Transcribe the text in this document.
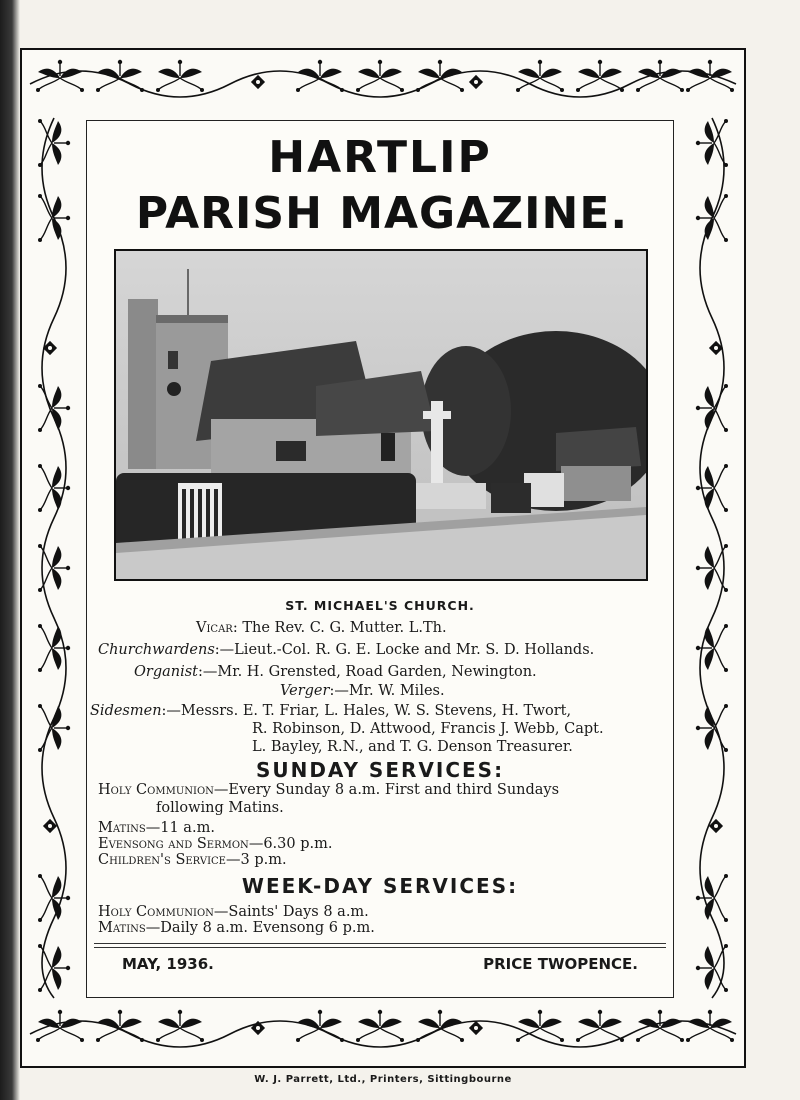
HARTLIP
PARISH MAGAZINE.

ST. MICHAEL'S CHURCH.

Vicar: The Rev. C. G. Mutter. L.Th.

Churchwardens:—Lieut.-Col. R. G. E. Locke and Mr. S. D. Hollands.

Organist:—Mr. H. Grensted, Road Garden, Newington.

Verger:—Mr. W. Miles.

Sidesmen:—Messrs. E. T. Friar, L. Hales, W. S. Stevens, H. Twort,

R. Robinson, D. Attwood, Francis J. Webb, Capt.

L. Bayley, R.N., and T. G. Denson Treasurer.

SUNDAY SERVICES:

Holy Communion—Every Sunday 8 a.m. First and third Sundays

following Matins.

Matins—11 a.m.

Evensong and Sermon—6.30 p.m.

Children's Service—3 p.m.

WEEK-DAY SERVICES:

Holy Communion—Saints' Days 8 a.m.

Matins—Daily 8 a.m. Evensong 6 p.m.

MAY, 1936.	PRICE TWOPENCE.
W. J. Parrett, Ltd., Printers, Sittingbourne
